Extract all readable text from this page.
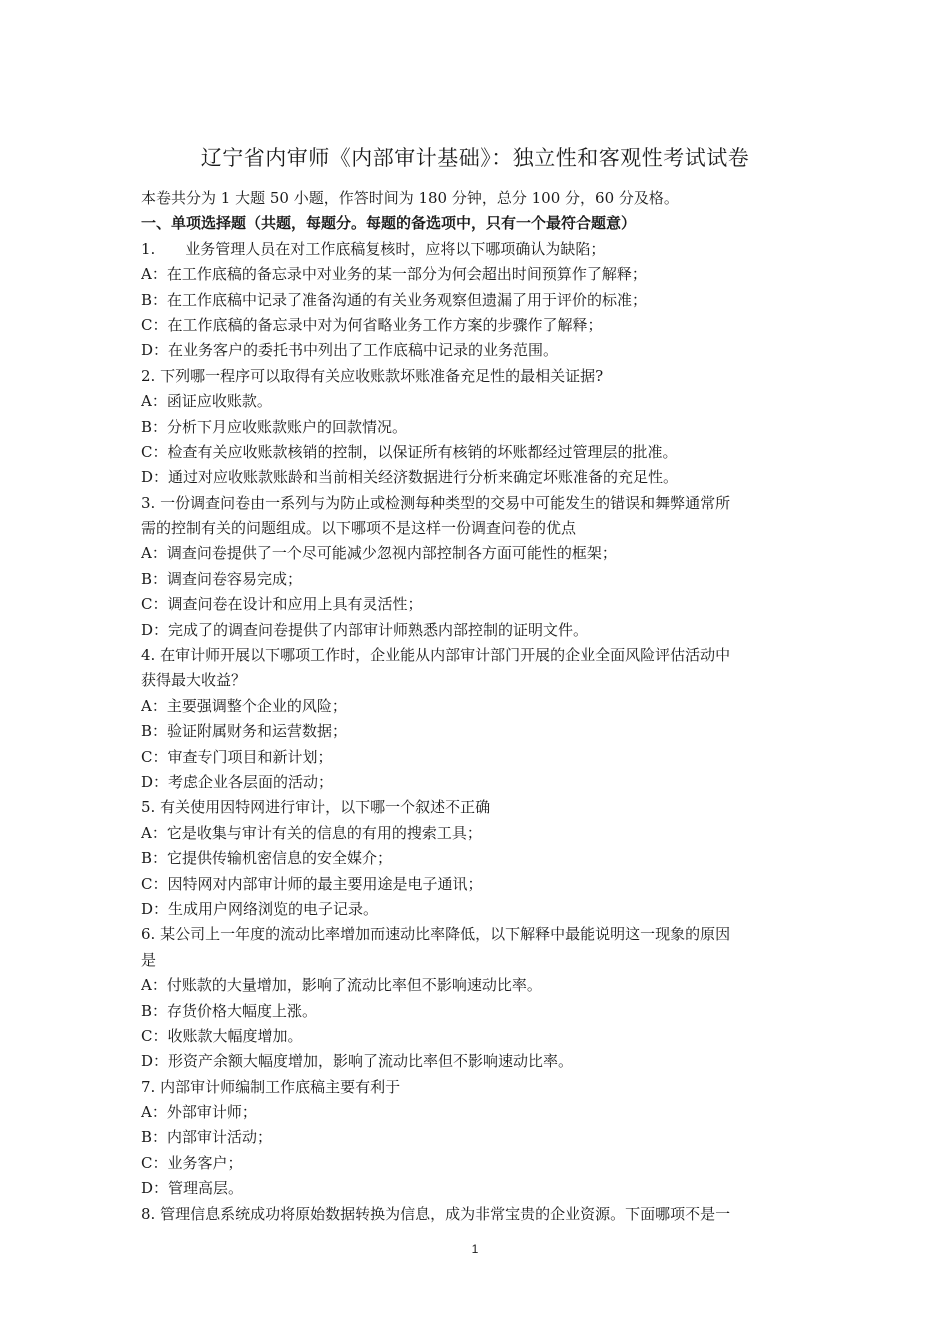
辽宁省内审师《内部审计基础》：独立性和客观性考试试卷
本卷共分为 1 大题 50 小题，作答时间为 180 分钟，总分 100 分，60 分及格。
一、单项选择题（共题，每题分。每题的备选项中，只有一个最符合题意）
1.　　业务管理人员在对工作底稿复核时，应将以下哪项确认为缺陷；
A：在工作底稿的备忘录中对业务的某一部分为何会超出时间预算作了解释；
B：在工作底稿中记录了准备沟通的有关业务观察但遗漏了用于评价的标准；
C：在工作底稿的备忘录中对为何省略业务工作方案的步骤作了解释；
D：在业务客户的委托书中列出了工作底稿中记录的业务范围。
2. 下列哪一程序可以取得有关应收账款坏账准备充足性的最相关证据?
A：函证应收账款。
B：分析下月应收账款账户的回款情况。
C：检查有关应收账款核销的控制，以保证所有核销的坏账都经过管理层的批准。
D：通过对应收账款账龄和当前相关经济数据进行分析来确定坏账准备的充足性。
3. 一份调查问卷由一系列与为防止或检测每种类型的交易中可能发生的错误和舞弊通常所
需的控制有关的问题组成。以下哪项不是这样一份调查问卷的优点
A：调查问卷提供了一个尽可能减少忽视内部控制各方面可能性的框架；
B：调查问卷容易完成；
C：调查问卷在设计和应用上具有灵活性；
D：完成了的调查问卷提供了内部审计师熟悉内部控制的证明文件。
4. 在审计师开展以下哪项工作时，企业能从内部审计部门开展的企业全面风险评估活动中
获得最大收益？
A：主要强调整个企业的风险；
B：验证附属财务和运营数据；
C：审查专门项目和新计划；
D：考虑企业各层面的活动；
5. 有关使用因特网进行审计，以下哪一个叙述不正确
A：它是收集与审计有关的信息的有用的搜索工具；
B：它提供传输机密信息的安全媒介；
C：因特网对内部审计师的最主要用途是电子通讯；
D：生成用户网络浏览的电子记录。
6. 某公司上一年度的流动比率增加而速动比率降低，以下解释中最能说明这一现象的原因
是
A：付账款的大量增加，影响了流动比率但不影响速动比率。
B：存货价格大幅度上涨。
C：收账款大幅度增加。
D：形资产余额大幅度增加，影响了流动比率但不影响速动比率。
7. 内部审计师编制工作底稿主要有利于
A：外部审计师；
B：内部审计活动；
C：业务客户；
D：管理高层。
8. 管理信息系统成功将原始数据转换为信息，成为非常宝贵的企业资源。下面哪项不是一
1
